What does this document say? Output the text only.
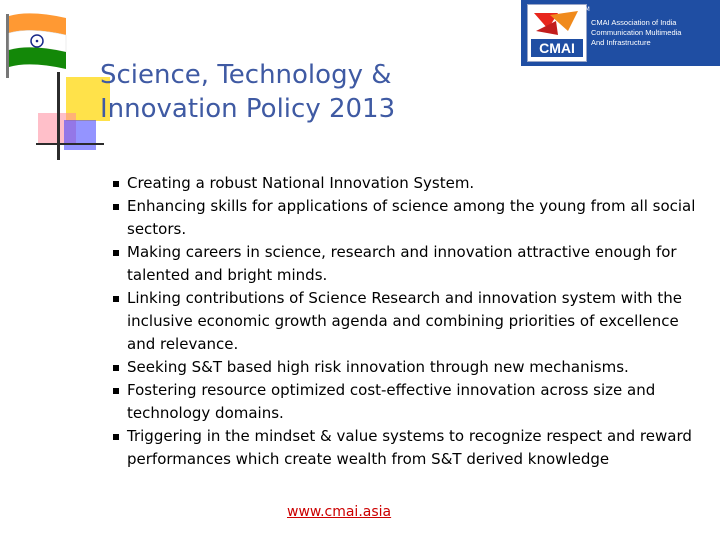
CMAI
TM
CMAI Association of India
Communication Multimedia
And Infrastructure
Science, Technology &
Innovation Policy 2013
Creating a robust National Innovation System.
Enhancing skills for applications of science among the young from all social sectors.
Making careers in science, research and innovation attractive enough for talented and bright minds.
Linking contributions of Science Research and innovation system with the inclusive economic growth agenda and combining priorities of excellence and relevance.
Seeking S&T based high risk innovation through new mechanisms.
Fostering resource optimized cost-effective innovation across size and technology domains.
Triggering in the mindset & value systems to recognize respect and reward performances which create wealth from S&T derived knowledge
www.cmai.asia
